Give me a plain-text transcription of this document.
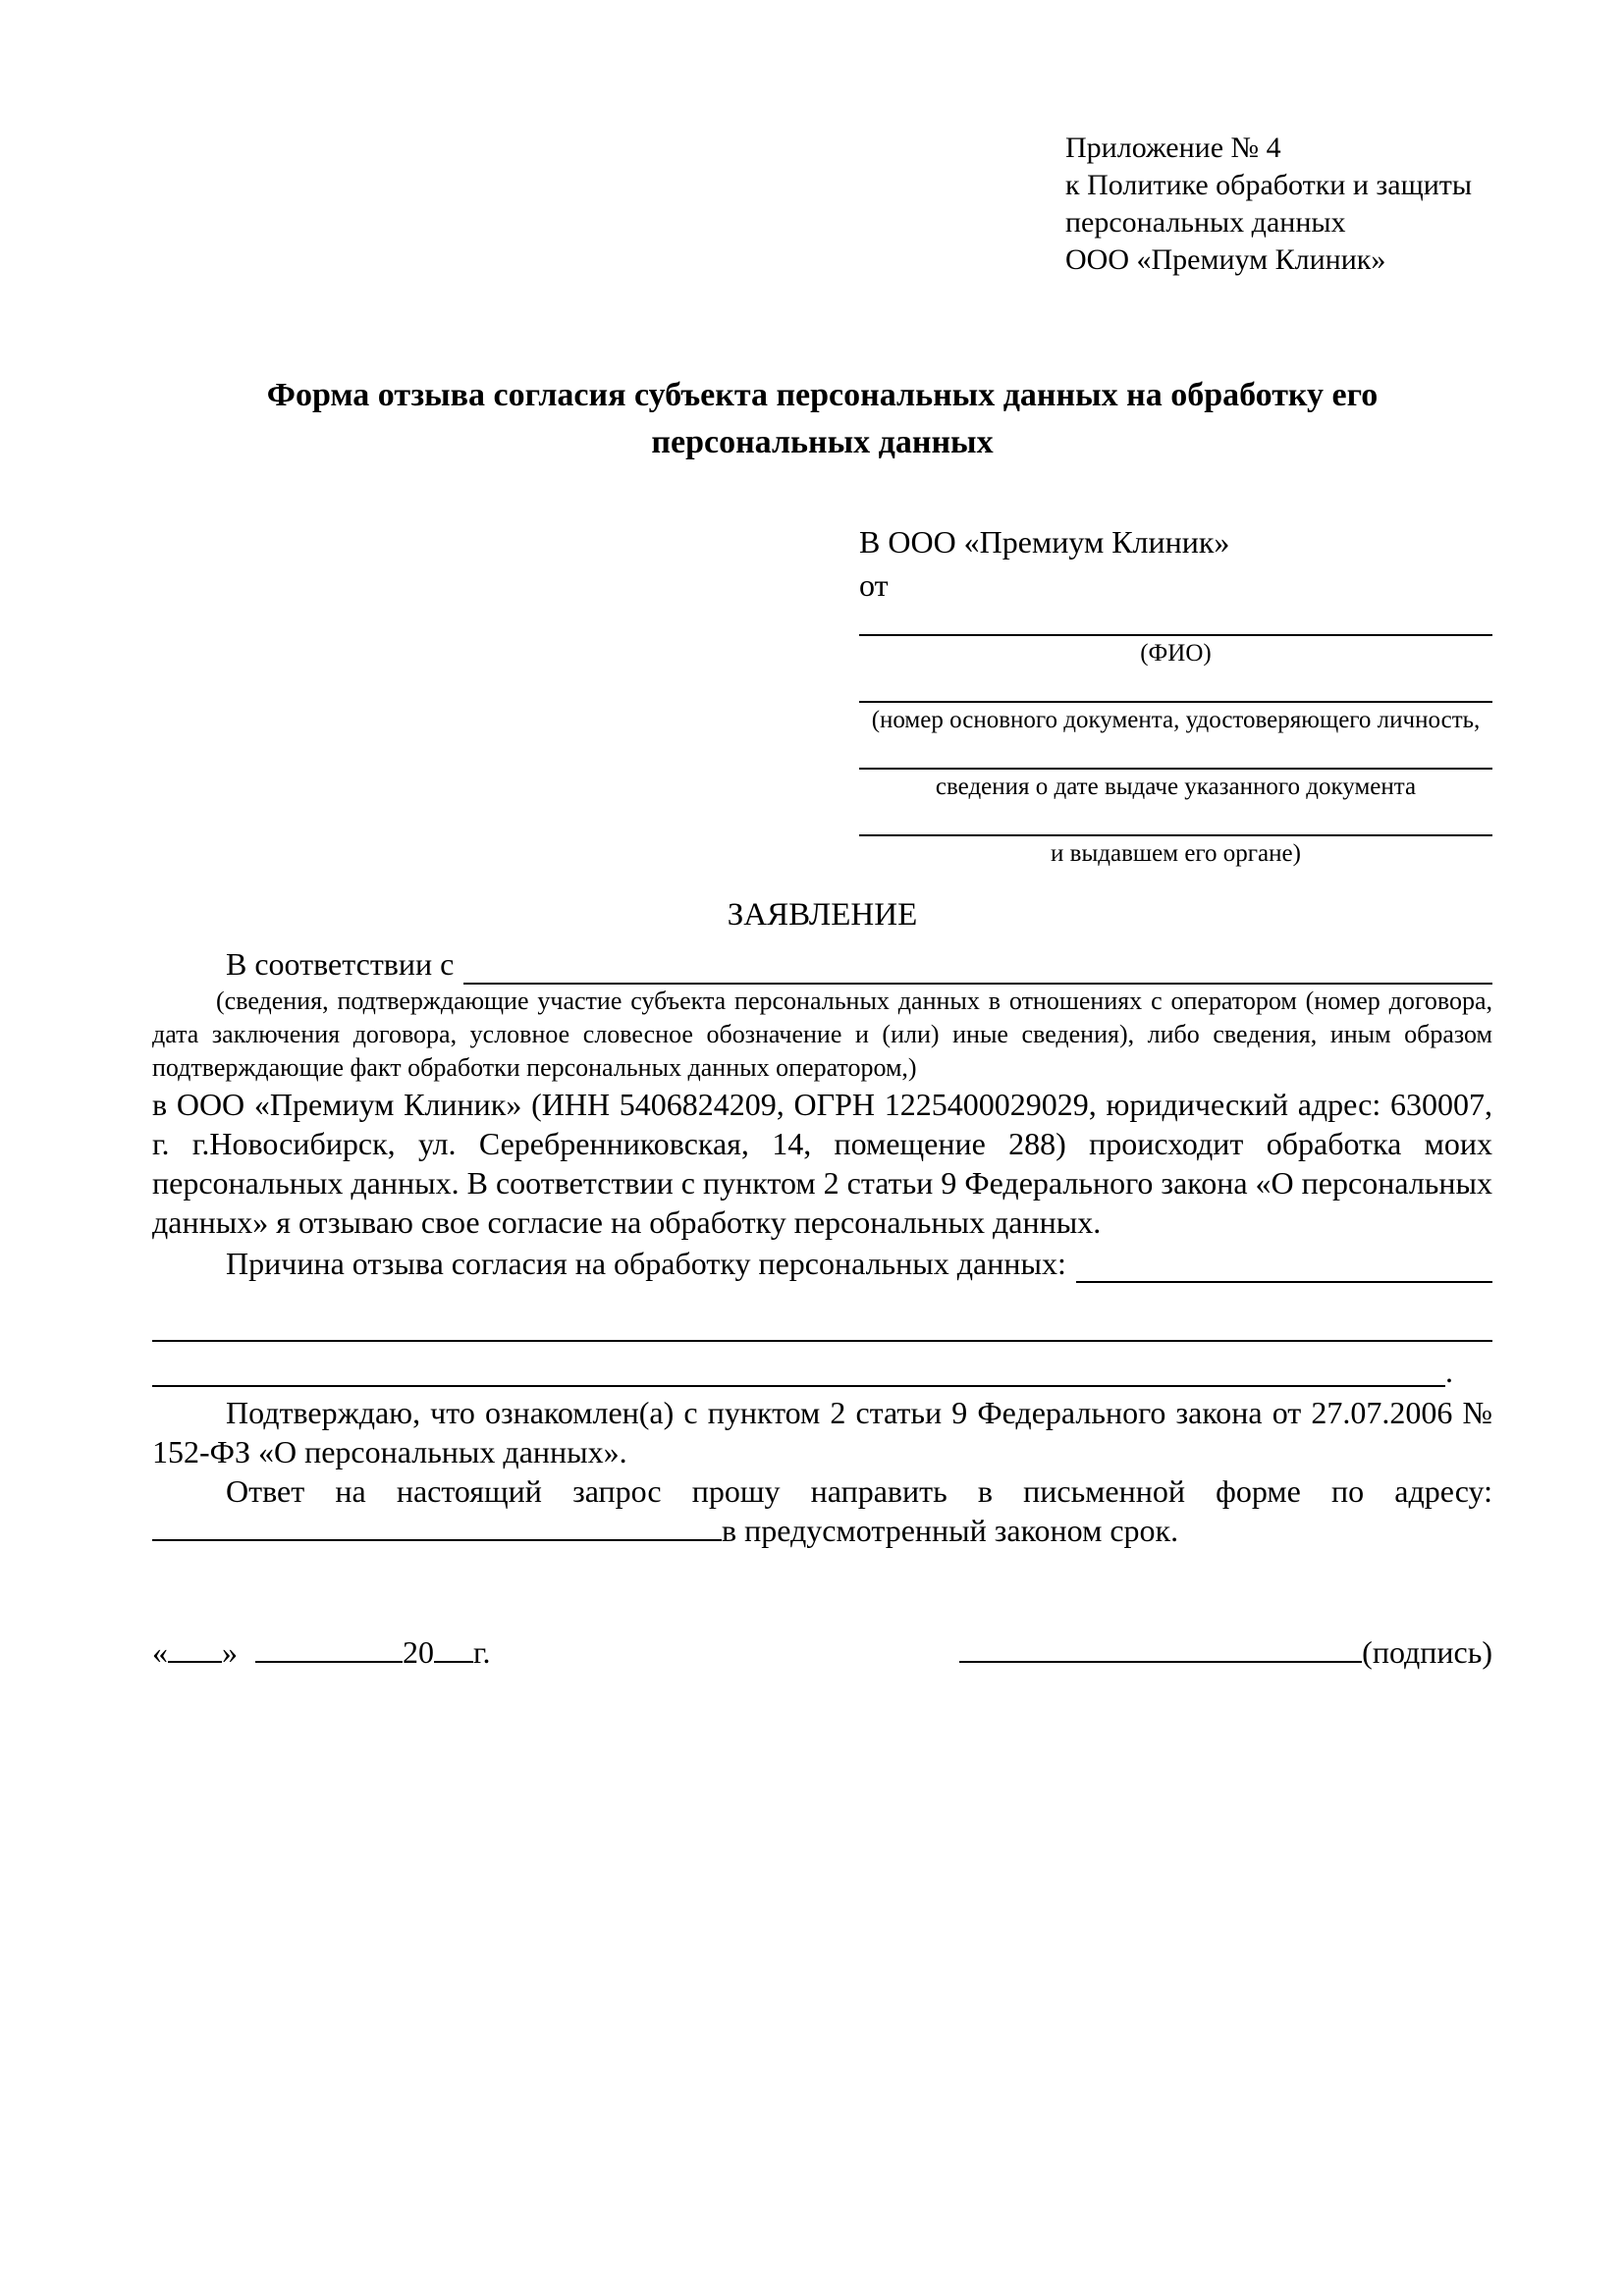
Приложение № 4
к Политике обработки и защиты
персональных данных
ООО «Премиум Клиник»
Форма отзыва согласия субъекта персональных данных на обработку его персональных данных
В ООО «Премиум Клиник»
от
(ФИО)
(номер основного документа, удостоверяющего личность,
сведения о дате выдаче указанного документа
и выдавшем его органе)
ЗАЯВЛЕНИЕ
В соответствии с
(сведения, подтверждающие участие субъекта персональных данных в отношениях с оператором (номер договора, дата заключения договора, условное словесное обозначение и (или) иные сведения), либо сведения, иным образом подтверждающие факт обработки персональных данных оператором,)

в ООО «Премиум Клиник» (ИНН 5406824209, ОГРН 1225400029029, юридический адрес: 630007, г. г.Новосибирск, ул. Серебренниковская, 14, помещение 288) происходит обработка моих персональных данных. В соответствии с пунктом 2 статьи 9 Федерального закона «О персональных данных» я отзываю свое согласие на обработку персональных данных.

Причина отзыва согласия на обработку персональных данных:
.

Подтверждаю, что ознакомлен(а) с пунктом 2 статьи 9 Федерального закона от 27.07.2006 № 152-ФЗ «О персональных данных».

Ответ на настоящий запрос прошу направить в письменной форме по адресу: в предусмотренный законом срок.

« »	20 г.	(подпись)
